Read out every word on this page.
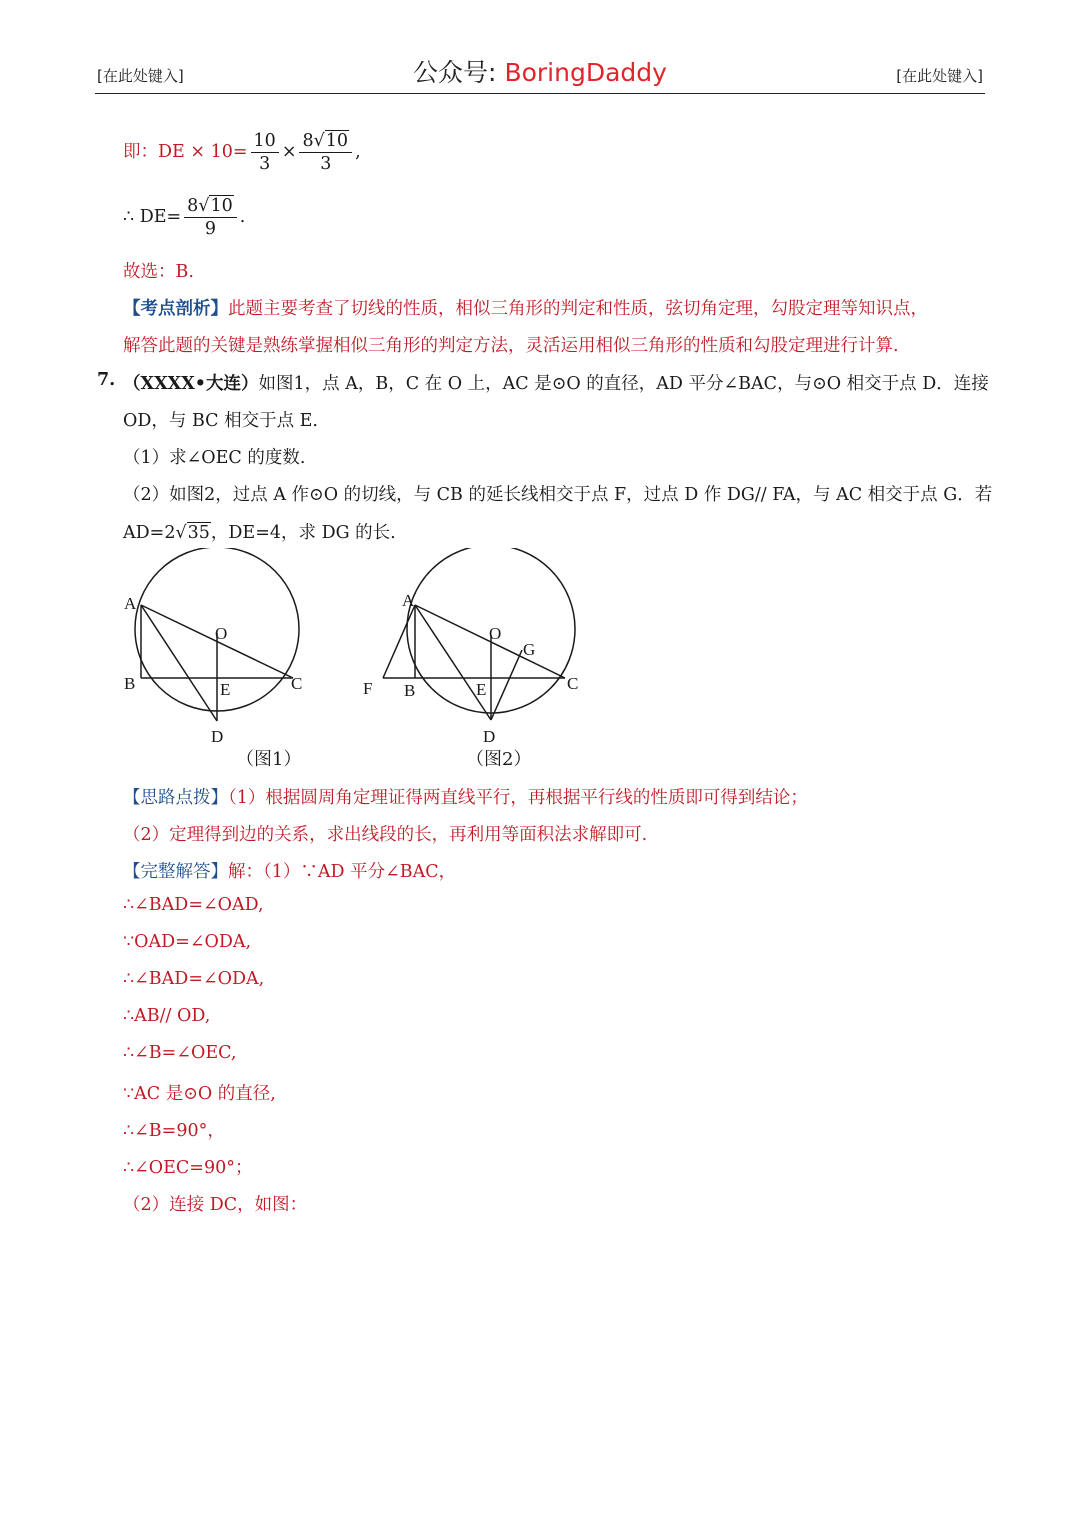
[在此处键入]	公众号: BoringDaddy	[在此处键入]
即：DE × $10= \frac{10}{3} \times \frac{8√10}{3}$ ,
∴ $DE= \frac{8√10}{9}$ .
故选：B.
【考点剖析】此题主要考查了切线的性质，相似三角形的判定和性质，弦切角定理，勾股定理等知识点，
解答此题的关键是熟练掌握相似三角形的判定方法，灵活运用相似三角形的性质和勾股定理进行计算.
7. （XXXX•大连）如图1，点 A，B，C 在 O 上，AC 是⊙O 的直径，AD 平分∠BAC，与⊙O 相交于点 D．连接
OD，与 BC 相交于点 E.
（1）求∠OEC 的度数.
（2）如图2，过点 A 作⊙O 的切线，与 CB 的延长线相交于点 F，过点 D 作 DG// FA，与 AC 相交于点 G．若
AD=2√35，DE=4，求 DG 的长.
A
B	C
O
E
D
（图1）
A
B	C
O
E
D
F
G
（图2）
【思路点拨】（1）根据圆周角定理证得两直线平行，再根据平行线的性质即可得到结论；
（2）定理得到边的关系，求出线段的长，再利用等面积法求解即可.
【完整解答】解：（1）∵AD 平分∠BAC，
∴∠BAD=∠OAD,
∵OAD=∠ODA,
∴∠BAD=∠ODA,
∴AB// OD,
∴∠B=∠OEC,
∵AC 是⊙O 的直径,
∴∠B=90°，
∴∠OEC=90°；
（2）连接 DC，如图：
